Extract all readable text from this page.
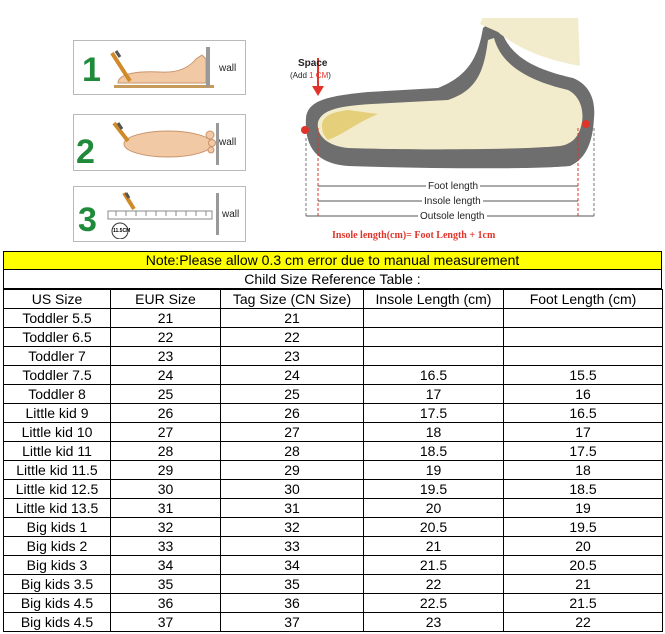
1	wall
2	wall
3	11.5CM
wall
Space
(Add 1 CM)
Foot length
Insole length
Outsole length
Insole length(cm)= Foot Length + 1cm
Note:Please allow 0.3 cm error due to manual measurement
Child Size Reference Table :
US Size	EUR Size	Tag Size (CN Size)	Insole Length (cm)	Foot Length (cm)
Toddler 5.5	21	21		
Toddler 6.5	22	22		
Toddler 7	23	23		
Toddler 7.5	24	24	16.5	15.5
Toddler 8	25	25	17	16
Little kid 9	26	26	17.5	16.5
Little kid 10	27	27	18	17
Little kid 11	28	28	18.5	17.5
Little kid 11.5	29	29	19	18
Little kid 12.5	30	30	19.5	18.5
Little kid 13.5	31	31	20	19
Big kids 1	32	32	20.5	19.5
Big kids 2	33	33	21	20
Big kids 3	34	34	21.5	20.5
Big kids 3.5	35	35	22	21
Big kids 4.5	36	36	22.5	21.5
Big kids 4.5	37	37	23	22
